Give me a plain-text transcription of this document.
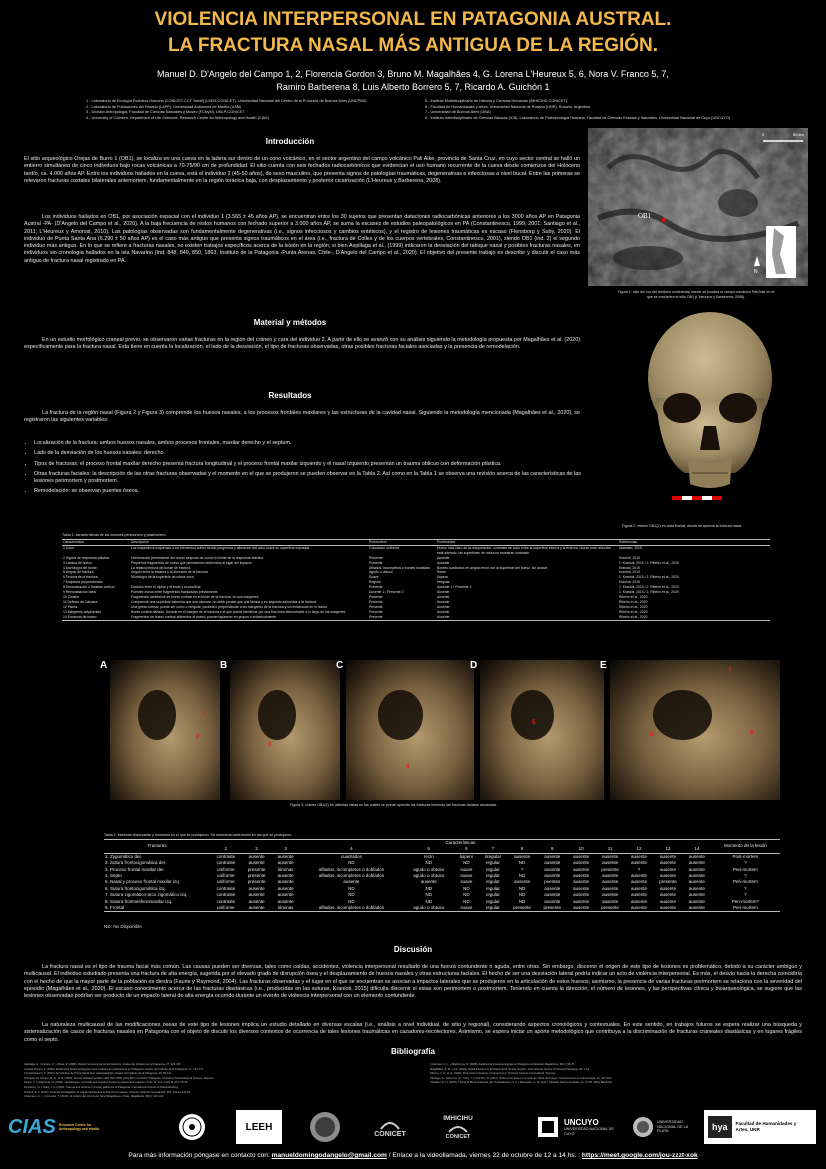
VIOLENCIA INTERPERSONAL EN PATAGONIA AUSTRAL.
LA FRACTURA NASAL MÁS ANTIGUA DE LA REGIÓN.
Manuel D. D'Angelo del Campo 1, 2, Florencia Gordon 3, Bruno M. Magalhães 4, G. Lorena L'Heureux 5, 6, Nora V. Franco 5, 7,
Ramiro Barberena 8, Luis Alberto Borrero 5, 7, Ricardo A. Guichón 1
1 - Laboratorio de Ecología Evolutiva Humana (CONICET-CCT Tandil) (LEEH-CONICET), Universidad Nacional del Centro de la Provincia de Buenos Aires (UNCPBA)
2 - Laboratorio de Poblaciones del Pasado (LAPP), Universidad Autónoma de Madrid (UAM)
3 - División Antropología, Facultad de Ciencias Naturales y Museo (FCNyM), UNLP-CONICET
4 - University of Coimbra, Department of Life Sciences, Research Centre for Anthropology and Health (CIAS)
5 - Instituto Multidisciplinario de Historia y Ciencias Humanas (IMHICIHU-CONICET)
6 - Facultad de Humanidades y Artes, Universidad Nacional de Rosario (UNR), Rosario, Argentina
7 - Universidad de Buenos Aires (UBA)
8 - Instituto Interdisciplinario de Ciencias Básicas (ICB), Laboratorio de Paleoecología Humana, Facultad de Ciencias Exactas y Naturales, Universidad Nacional de Cuyo (UNCUYO)
Introducción
El sitio arqueológico Orejas de Burro 1 (OB1), se localiza en una cueva en la ladera sur dentro de un cono volcánico, en el sector argentino del campo volcánico Pali Aike, provincia de Santa Cruz, en cuyo sector central se halló un entierro simultáneo de cinco individuos bajo rocas volcánicas a 70-75/90 cm de profundidad. El sitio cuenta con seis fechados radiocarbónicos que evidencian el uso humano recurrente de la cueva desde comienzos del Holoceno tardío, ca. 4.000 años AP. Entre los individuos hallados en la cueva, está el individuo 2 (45-50 años), de sexo masculino, que presenta signos de patologías traumáticas, degenerativas e infecciosas a nivel bucal. Entre las primeras se relevaron fracturas costales bilaterales antemortem, fundamentalmente en la región torácica baja, con desplazamiento y posterior cicatrización (L'Heureux y Barberena, 2008).
Los individuos hallados en OB1, por asociación espacial con el individuo 1 (3.565 ± 45 años AP), se encuentran entre los 30 sujetos que presentan dataciones radiocarbónicas anteriores a los 3000 años AP en Patagonia Austral -PA- (D'Angelo del Campo et al., 2020). A la baja frecuencia de restos humanos con fechado superior a 3.000 años AP, se suma la escasez de estudios paleopatológicos en PA (Constantinescu, 1999, 2001; Santiago et al., 2011; L'Heureux y Amorosi, 2010). Las patologías observadas son fundamentalmente degenerativas (i.e., signos infecciosos y cambios entésicos), y el registro de lesiones traumáticas es escaso (Flensborg y Suby, 2020). El individuo de Punta Santa Ana (6.290 ± 50 años AP) es el caso más antiguo que presenta signos traumáticos en el área (i.e., fractura de Colles y de los cuerpos vertebrales, Constantinescu, 2001), siendo OB1 (ind. 2) el segundo individuo más antiguo. En lo que se refiere a fracturas nasales, no existen trabajos específicos acerca de la lesión en la región; si bien Aspillaga et al., (1999) indicaron la desviación del tabique nasal y posibles fracturas nasales, en individuos sin cronología hallados en la isla Navarino (Ind. 848, 849, 850, 1863, Instituto de la Patagonia -Punta Arenas, Chile-, D'Angelo del Campo et al., 2020). El objetivo del presente trabajo es describir y discutir el caso más antiguo de fractura nasal registrado en PA.
0	50 km
OB1
N
Figura 1: sitio del sur del territorio continental, donde se localiza el campo volcánico Pali Aike en el que se encuentra el sitio OB1 (L'Heureux y Barberena, 2008).
Material y métodos
En un estudio morfológico craneal previo, se observaron varias fracturas en la región del cráneo y cara del individuo 2. A partir de ello se avanzó con su análisis siguiendo la metodología propuesta por Magalhães et al. (2020) específicamente para la fractura nasal. Esta tiene en cuenta la localización, el lado de la desviación, el tipo de fracturas observadas, otras posibles fracturas faciales asociadas y la presencia de remodelación.
Resultados
La fractura de la región nasal (Figura 2 y Figura 3) comprende los huesos nasales, a los procesos frontales maxilares y las estructuras de la cavidad nasal. Siguiendo la metodología mencionada (Magalhães et al., 2020), se registraron las siguientes variables:
• Localización de la fractura: ambos huesos nasales, ambos procesos frontales, maxilar derecho y el septum.
• Lado de la desviación de los huesos nasales: derecho.
• Tipos de fracturas: el proceso frontal maxilar derecho presenta fractura longitudinal y el proceso frontal maxilar izquierdo y el nasal izquierdo presentan un trauma oblicuo con deformación plástica.
• Otras fracturas faciales: la descripción de las otras fracturas observadas y el momento en el que se produjeron se pueden observar en la Tabla 2. Así como en la Tabla 1 se observa una revisión acerca de las características de las lesiones perimortem y postmortem.
• Remodelación: se observan puentes óseos.
Figura 2: cráneo OB1(2) en vista frontal, donde se aprecia la fractura nasal.
Tabla 1: características de las lesiones perimortem y postmortem.
Característica	Descripción	Perimortem	Postmortem	Referencias
1 Color	Los respectivos esquemas a los elementos sufren tiendo progresiva y alteración del color sobre su superficie expuesta	Coloración uniforme	Hueso más claro de la recuperación, contraste de color entre la superficie interna y la externa. Hueso más rebordes está alterado, las superficies de rotura no muestran contraste	Ubelaker, 2015
2 Signos de respuesta plástica	Deformación permanente del hueso después de ocurrir el límite de la respuesta elástica	Presente	Ausente	Kranioti, 2015
3 Lámina de hueso	Pequeños fragmentos de hueso que permanecen adheridos al lugar del impacto	Presente	Ausente	1. Kranioti, 2015 / 2. Ribeiro et al., 2020
4 Morfología del borde	La relativa textura del borde de fractura	Afilados, incompletos o bordes dobladas	Bordes cuadrados en ángulo recto con la superficie del hueso, sin acodar	Kranioti, 2015
5 Ángulo de fractura	Ángulo entre la fractura y la dirección de la fractura	Agudo u obtuso	Recto	Kranioti, 2015
6 Textura de la fractura	Morfología de la superficie de rotura ósea	Suave	Áspera	1. Kranioti, 2015 / 2. Ribeiro et al., 2020
7 Esquema proporcionado		Regular	Irregular	Kranioti, 2015
8 Desaminación o lámelas cortical	Escisión entre el diploe y el endo y exocortical	Presente	Ausente 1 / Presente 2	1. Kranioti, 2015 / 2. Ribeiro et al., 2020
9 Remodelación ósea	Puentes óseos entre fragmentos fracturados previamente	Ausente 1 / Presente 2	Ausente	1. Kranioti, 2015 / 2. Ribeiro et al., 2020
10 Cicatriz	Fragmentos lambianos de hueso cortical en el borde de la fractura, en sus márgenes	Presente	Ausente	Ribeiro et al., 2020
11 Defecto de Cáscara	Comprende una superficie estrecha que una cáscara, no debe pensar que una lámina y en segundo adheridas a la fractura	Presente	Ausente	Ribeiro et al., 2020
12 Fisura	Una grieta cortical, puede ser curvo o irregular, paralela o perpendicular a los márgenes de la fractura y sin evidencias en el hueso	Presente	Ausente	Ribeiro et al., 2020
13 Márgenes adyacentes	Borde cortical dañado. Sucede en el margen de la fractura o el que puede identificar por una fina línea demostrable a lo largo de los márgenes	Presente	Ausente	Ribeiro et al., 2020
14 Escamas de hueso	Fragmentos de hueso cortical adheridos al hueso, pueden aparecer en grupos o individualmente	Presente	Ausente	Ribeiro et al., 2020
A	B	C	D	E
1
2
3
4
5
6
7
8
Figura 3: cráneo OB1(2) en distintas vistas en las cuales se puede apreciar las fracturas teniendo las fracturas faciales asociadas.
Tabla 2: fracturas observadas y momento en el que se produjeron. Se menciona cada lesión en las que se produjeron.
Fracturas	Características														Momento de la lesión
	1	2	3	4	5	6	7	8	9	10	11	12	13	14	
1. Zygomático der.	contraste	ausente	ausente	cuadrados	recto	áspero	irregular	ausente	ausente	ausente	ausente	ausente	ausente	ausente	Post-mortem
2. Sutura frontocigomática der.	contraste	ausente	ausente	ND	ND	ND	regular	ND	ausente	ausente	ausente	ausente	ausente	ausente	?
3. Proceso frontal maxilar der.	uniforme	presente	láminas	afilados, incompletos o doblados	agudo u obtuso	suave	regular	?	ausente	ausente	presente	?	ausente	ausente	Peri-mortem
4. Septo	uniforme	presente	ausente	afilados, incompletos o doblados	agudo u obtuso	suave	regular	ND	ausente	ausente	ausente	ausente	ausente	ausente	?
5. Nasal y proceso frontal maxilar izq.	uniforme	presente	ausente	ausente	ausente	suave	regular	ausente	puentes	ausente	ausente	ausente	presente	ausente	Peri-mortem
6. Sutura frontocigomática izq.	contraste	ausente	ausente	ND	ND	ND	regular	ND	ausente	ausente	ausente	ausente	ausente	ausente	?
7. Sutura zigomático-arco zigomático izq.	contraste	ausente	ausente	ND	ND	ND	regular	ND	ausente	ausente	ausente	ausente	ausente	ausente	?
8. Sutura frontoesfenomaxilar izq.	contraste	ausente	ausente	ND	ND	ND	regular	ND	ausente	ausente	ausente	ausente	ausente	ausente	Peri-mortem?
9. Frontal	uniforme	ausente	láminas	afilados, incompletos o doblados	agudo u obtuso	suave	regular	presente	presente	ausente	presente	ausente	ausente	ausente	Peri-mortem
ND: No Disponible
Discusión
La fractura nasal es el tipo de trauma facial más común. Las causas pueden ser diversas, tales como caídas, accidentes, violencia interpersonal resultado de una fuerza contundente o aguda, entre otras. Sin embargo, discernir el origen de este tipo de lesiones es problemático, debido a su carácter ambiguo y multicausal. El individuo estudiado presenta una fractura de alta energía, sugerida por el elevado grado de disrupción ósea y el desplazamiento de huesos nasales y otras estructuras faciales. El hecho de ser una desviación lateral podría indicar un acto de violencia interpersonal. Es más, el desvío hacia la derecha coincidiría con el hecho de que la mayor parte de la población es diestra (Faurie y Raymond, 2004). Las fracturas observadas y el lugar en el que se encuentran se asocian a impactos laterales que se produjeron en la articulación de estos huesos; asimismo, la presencia de varias fracturas perimortem se relaciona con la severidad del episodio (Magalhães et al., 2020). El escaso conocimiento acerca de las fracturas diastásicas (i.e., producidas en las suturas, Kranioti, 2015) dificulta discernir si estas son perimortem o postmortem. Teniendo en cuenta la dirección, el número de lesiones, y las perspectivas clínica y bioarqueológica, se sugiere que las lesiones observadas podrían ser producto de un impacto lateral de alta energía ocurrido durante un evento de violencia interpersonal con un elemento contundente.
La naturaleza multicausal de las modificaciones óseas de este tipo de lesiones implica un estudio detallado en diversas escalas (i.e., análisis a nivel individual, de sitio y regional), considerando aspectos cronológicos y contextuales. En este sentido, en trabajos futuros se espera realizar una búsqueda y sistematización de casos de fracturas nasales en Patagonia con el objeto de discutir los diversos contextos de ocurrencia de tales lesiones traumáticas en cazadores-recolectores. Asimismo, se espera iniciar un aporte metodológico que contribuya a la discriminación de fracturas craneales diastásicas y en lugares frágiles como el septo.
Bibliografía
Aspillaga, E., Ocampo, C. y Rivas, P. (1999). Restos humanos de la Isla Navarino. Anales del Instituto de la Patagonia, 27: 123-136.
Constantinescu, F. (1999). Evidencias bioantropológicas para modelos de poblamiento en Patagonia. Anales del Instituto de la Patagonia, 27: 137-174.
Constantinescu, F. (2001). El individuo de Punta Santa Ana: paleopatología. Anales del Instituto de la Patagonia, 29: 99-114.
D'Angelo del Campo, M. D., et al. (2020). Human skeletal remains older than 3000 years BP in southern Patagonia. Journal of Archaeological Science: Reports.
Faurie, C. y Raymond, M. (2004). Handedness, homicide and negative frequency-dependent selection. Proc. R. Soc. Lond. B, 272: 25-28.
Flensborg, G. y Suby, J. A. (2020). Trauma and violence in hunter-gatherers of Patagonia. International Journal of Paleopathology.
Kranioti, E. F. (2015). Forensic investigation of cranial injuries due to blunt force trauma. Forensic Science International, 253: 132.e1-132.e6.
L'Heureux, G. L. y Amorosi, T. (2010). El entierro del sitio Cerro Sota (Magallanes, Chile). Magallania, 38(2): 133-149.
L'Heureux, G. L. y Barberena, R. (2008). Evidencias bioarqueológicas en Patagonia continental. Magallania, 36(1): 65-78.
Magalhães, B. M., et al. (2020). Nasal fractures in archaeological human remains. International Journal of Osteoarchaeology, 30: 1-12.
Ribeiro, J. R., et al. (2020). Perimortem fractures in human bone. Forensic Science International: Synergy.
Santiago, F., Salemme, M., Suby, J. y Guichón, R. (2011). Restos humanos en el norte de Tierra del Fuego. Intersecciones en Antropología, 12: 147-160.
Ubelaker, D. H. (2015). Timing of Bone Fractures. En: Passalacqua, N. V. y Rainwater, C. W. (eds.), Skeletal Trauma Analysis, pp. 27-35. Wiley Blackwell.
CIAS Research Centre for Anthropology and Health	LEEH
CONICET
IMHICIHU
CONICET
UNCUYO
UNIVERSIDAD NACIONAL DE CUYO
UNIVERSIDAD NACIONAL DE LA PLATA	hya	Facultad de Humanidades y Artes, UNR
Para más información póngase en contacto con: manueldomingodangelo@gmail.com / Enlace a la videollamada, viernes 22 de octubre de 12 a 14 hs. : https://meet.google.com/jou-zzzt-xok
